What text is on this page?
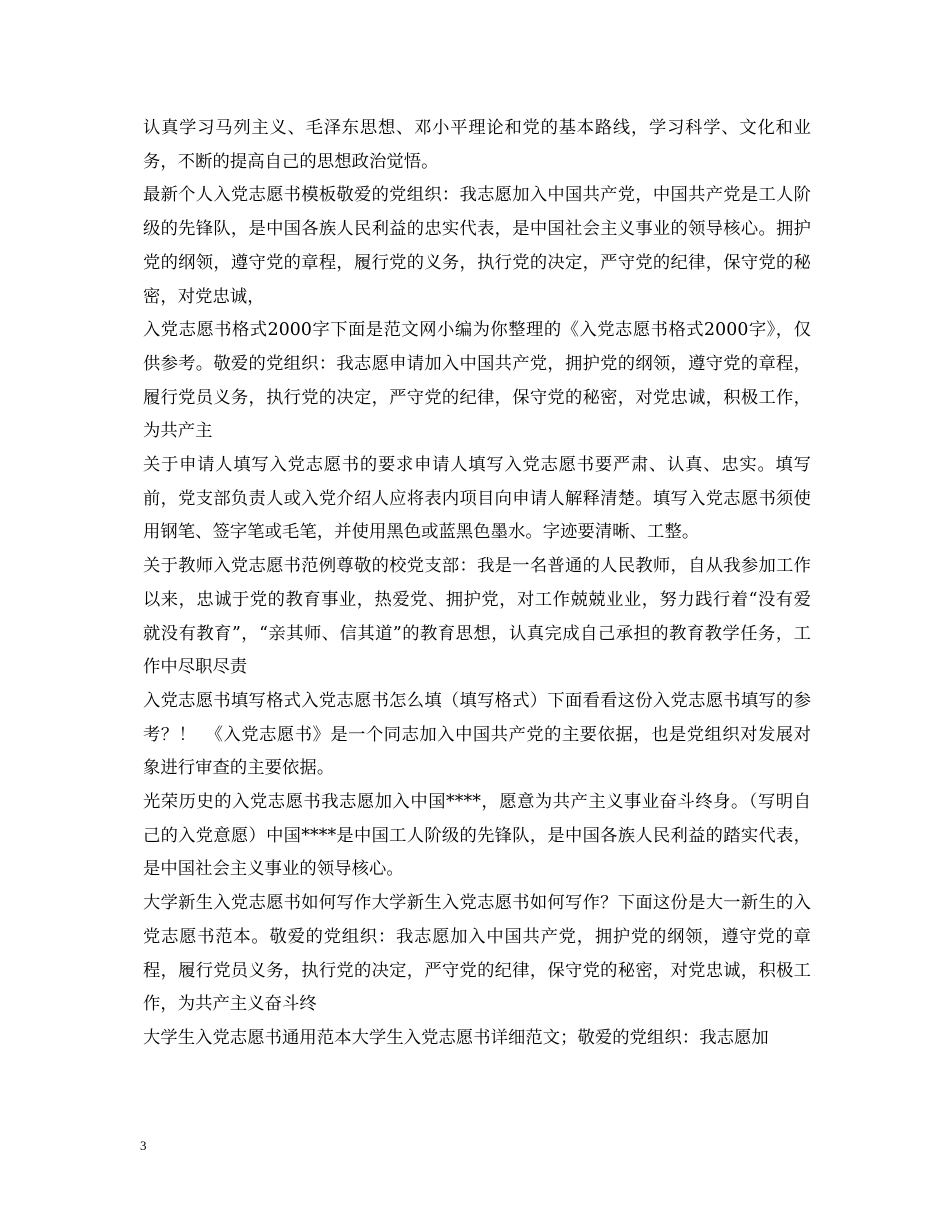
认真学习马列主义、毛泽东思想、邓小平理论和党的基本路线，学习科学、文化和业务，不断的提高自己的思想政治觉悟。

最新个人入党志愿书模板敬爱的党组织：我志愿加入中国共产党，中国共产党是工人阶级的先锋队，是中国各族人民利益的忠实代表，是中国社会主义事业的领导核心。拥护党的纲领，遵守党的章程，履行党的义务，执行党的决定，严守党的纪律，保守党的秘密，对党忠诚，

入党志愿书格式2000字下面是范文网小编为你整理的《入党志愿书格式2000字》，仅供参考。敬爱的党组织：我志愿申请加入中国共产党，拥护党的纲领，遵守党的章程，履行党员义务，执行党的决定，严守党的纪律，保守党的秘密，对党忠诚，积极工作，为共产主

关于申请人填写入党志愿书的要求申请人填写入党志愿书要严肃、认真、忠实。填写前，党支部负责人或入党介绍人应将表内项目向申请人解释清楚。填写入党志愿书须使用钢笔、签字笔或毛笔，并使用黑色或蓝黑色墨水。字迹要清晰、工整。

关于教师入党志愿书范例尊敬的校党支部：我是一名普通的人民教师，自从我参加工作以来，忠诚于党的教育事业，热爱党、拥护党，对工作兢兢业业，努力践行着“没有爱就没有教育”，“亲其师、信其道”的教育思想，认真完成自己承担的教育教学任务，工作中尽职尽责

入党志愿书填写格式入党志愿书怎么填（填写格式）下面看看这份入党志愿书填写的参考？！　《入党志愿书》是一个同志加入中国共产党的主要依据，也是党组织对发展对象进行审查的主要依据。

光荣历史的入党志愿书我志愿加入中国****，愿意为共产主义事业奋斗终身。（写明自己的入党意愿）中国****是中国工人阶级的先锋队，是中国各族人民利益的踏实代表，是中国社会主义事业的领导核心。

大学新生入党志愿书如何写作大学新生入党志愿书如何写作？下面这份是大一新生的入党志愿书范本。敬爱的党组织：我志愿加入中国共产党，拥护党的纲领，遵守党的章程，履行党员义务，执行党的决定，严守党的纪律，保守党的秘密，对党忠诚，积极工作，为共产主义奋斗终

大学生入党志愿书通用范本大学生入党志愿书详细范文；敬爱的党组织：我志愿加

3
